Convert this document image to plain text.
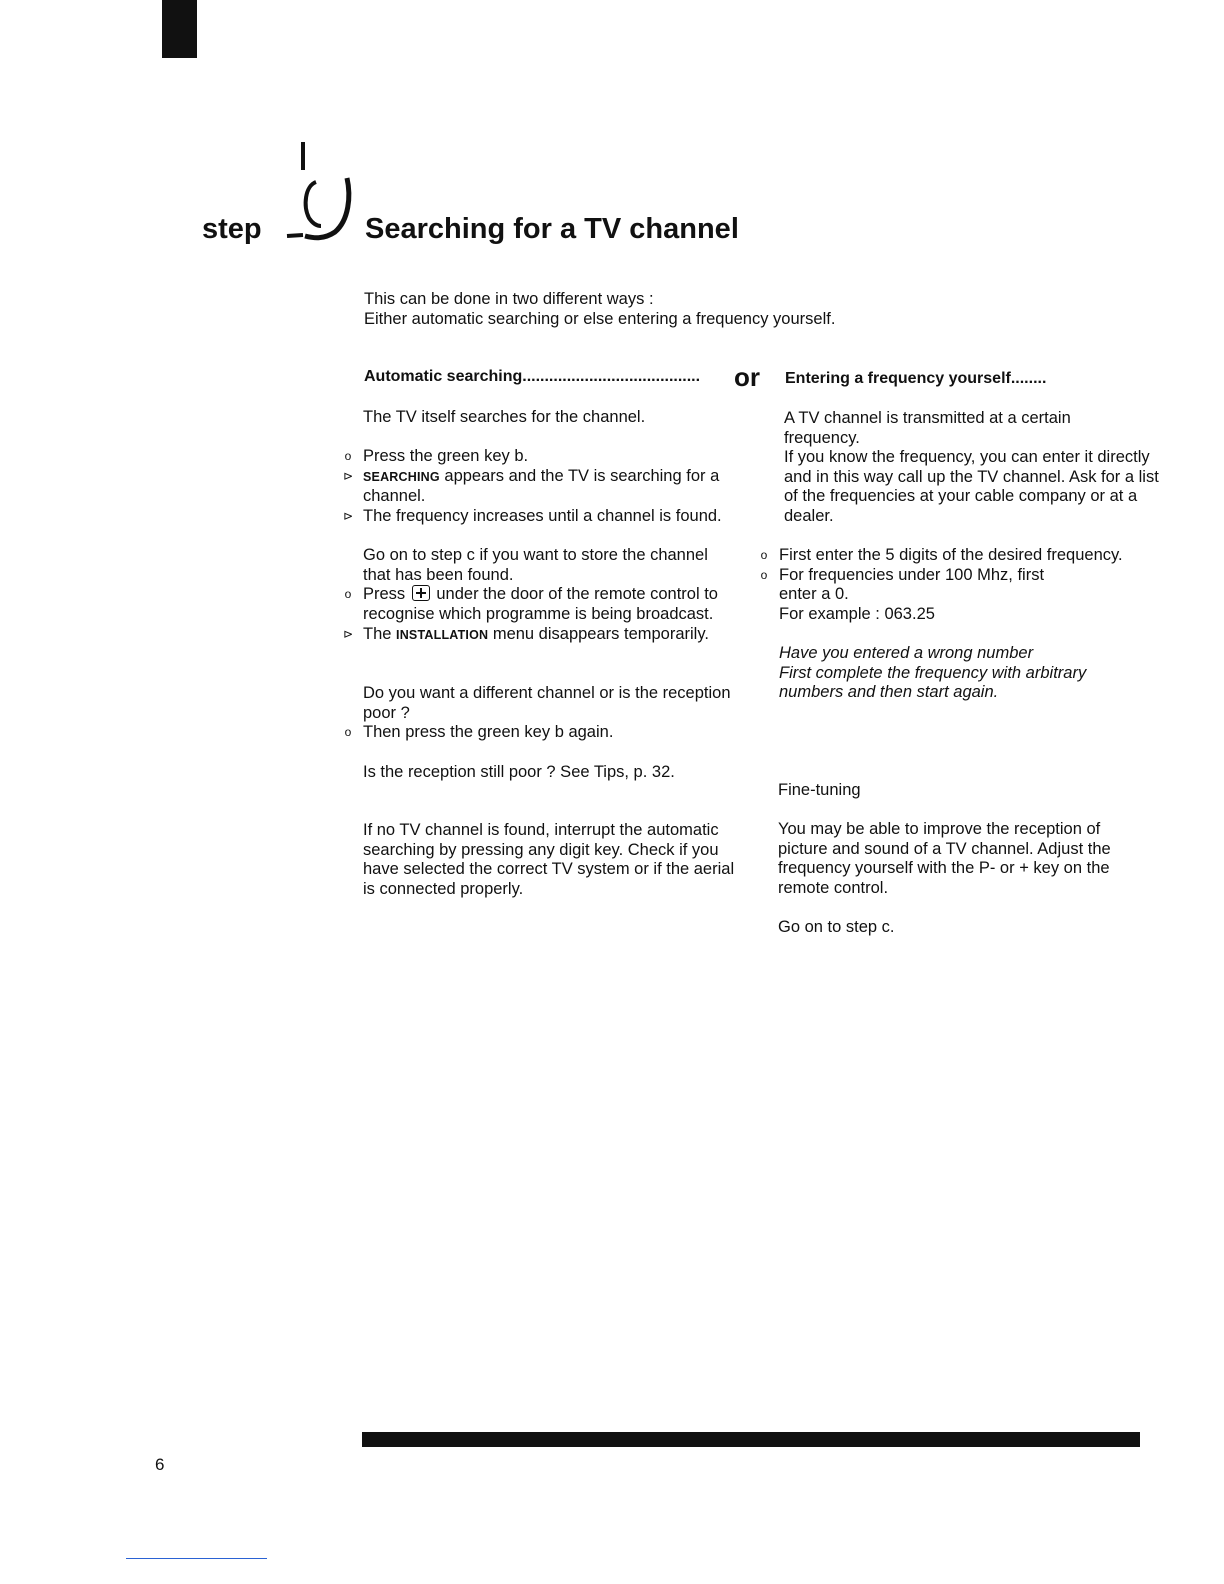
step	Searching for a TV channel
This can be done in two different ways :
Either automatic searching or else entering a frequency yourself.
Automatic searching........................................ or Entering a frequency yourself........

The TV itself searches for the channel.

o Press the green key b.
⊳ SEARCHING appears and the TV is searching for a channel.
⊳ The frequency increases until a channel is found.

Go on to step c if you want to store the channel that has been found.

o Press under the door of the remote control to recognise which programme is being broadcast.
⊳ The INSTALLATION menu disappears temporarily.

Do you want a different channel or is the reception poor ?

o Then press the green key b again.

Is the reception still poor ? See Tips, p. 32.

If no TV channel is found, interrupt the automatic searching by pressing any digit key. Check if you have selected the correct TV system or if the aerial is connected properly.

A TV channel is transmitted at a certain frequency.

If you know the frequency, you can enter it directly and in this way call up the TV channel. Ask for a list of the frequencies at your cable company or at a dealer.

o First enter the 5 digits of the desired frequency.
o For frequencies under 100 Mhz, first enter a 0.

For example : 063.25

Have you entered a wrong number

First complete the frequency with arbitrary numbers and then start again.

Fine-tuning

You may be able to improve the reception of picture and sound of a TV channel. Adjust the frequency yourself with the P- or + key on the remote control.

Go on to step c.

6
